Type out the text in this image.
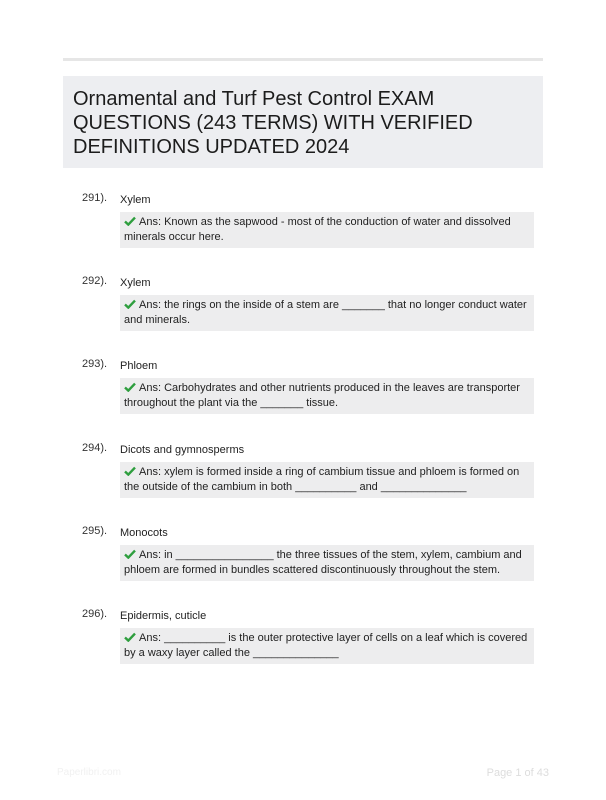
Ornamental and Turf Pest Control EXAM QUESTIONS (243 TERMS) WITH VERIFIED DEFINITIONS UPDATED 2024
291). Xylem
Ans: Known as the sapwood - most of the conduction of water and dissolved minerals occur here.
292). Xylem
Ans: the rings on the inside of a stem are _______ that no longer conduct water and minerals.
293). Phloem
Ans: Carbohydrates and other nutrients produced in the leaves are transporter throughout the plant via the _______ tissue.
294). Dicots and gymnosperms
Ans: xylem is formed inside a ring of cambium tissue and phloem is formed on the outside of the cambium in both __________ and ______________
295). Monocots
Ans: in ________________ the three tissues of the stem, xylem, cambium and phloem are formed in bundles scattered discontinuously throughout the stem.
296). Epidermis, cuticle
Ans: __________ is the outer protective layer of cells on a leaf which is covered by a waxy layer called the ______________
Paperlibri.com	Page 1 of 43
